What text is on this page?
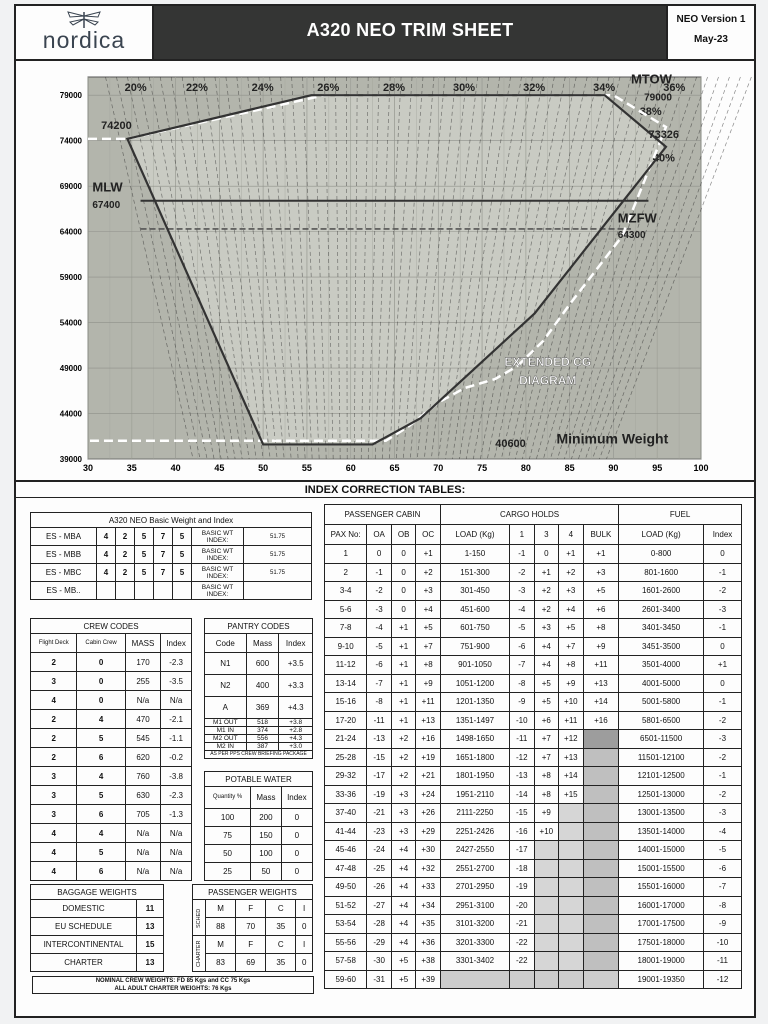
nordica	A320 NEO TRIM SHEET
NEO Version 1
May-23
30	35	40	45	50	55	60	65	70	75	80	85	90	95	100
39000
44000
49000
54000
59000
64000
69000
74000
79000
20%	22%	24%	26%	28%	30%	32%	34%	36%
38%
40%
MTOW
79000
MLW
67400
MZFW
64300
Minimum Weight
40600
74200
73326
EXTENDED CG
DIAGRAM
INDEX CORRECTION TABLES:
A320 NEO Basic Weight and Index							
ES - MBA	4	2	5	7	5	BASIC WT INDEX:	51.75
ES - MBB	4	2	5	7	5	BASIC WT INDEX:	51.75
ES - MBC	4	2	5	7	5	BASIC WT INDEX:	51.75
ES - MB..						BASIC WT INDEX:	
CREW CODES			
Flight Deck	Cabin Crew	MASS	Index
2	0	170	-2.3
3	0	255	-3.5
4	0	N/a	N/a
2	4	470	-2.1
2	5	545	-1.1
2	6	620	-0.2
3	4	760	-3.8
3	5	630	-2.3
3	6	705	-1.3
4	4	N/a	N/a
4	5	N/a	N/a
4	6	N/a	N/a
PANTRY CODES		
Code	Mass	Index
N1	600	+3.5
N2	400	+3.3
A	369	+4.3
M1 OUT	518	+3.8
M1 IN	374	+2.8
M2 OUT	556	+4.3
M2 IN	387	+3.0
AS PER PPS CREW BRIEFING PACKAGE		
POTABLE WATER		
Quantity %	Mass	Index
100	200	0
75	150	0
50	100	0
25	50	0
BAGGAGE WEIGHTS	
DOMESTIC	11
EU SCHEDULE	13
INTERCONTINENTAL	15
CHARTER	13
PASSENGER WEIGHTS				
SCHED	M	F	C	I
	88	70	35	0
CHARTER	M	F	C	I
	83	69	35	0
NOMINAL CREW WEIGHTS: FD 85 Kgs and CC 75 Kgs
ALL ADULT CHARTER WEIGHTS: 76 Kgs
PASSENGER CABIN				CARGO HOLDS					FUEL	
PAX No:	OA	OB	OC	LOAD (Kg)	1	3	4	BULK	LOAD (Kg)	Index
1	0	0	+1	1-150	-1	0	+1	+1	0-800	0
2	-1	0	+2	151-300	-2	+1	+2	+3	801-1600	-1
3-4	-2	0	+3	301-450	-3	+2	+3	+5	1601-2600	-2
5-6	-3	0	+4	451-600	-4	+2	+4	+6	2601-3400	-3
7-8	-4	+1	+5	601-750	-5	+3	+5	+8	3401-3450	-1
9-10	-5	+1	+7	751-900	-6	+4	+7	+9	3451-3500	0
11-12	-6	+1	+8	901-1050	-7	+4	+8	+11	3501-4000	+1
13-14	-7	+1	+9	1051-1200	-8	+5	+9	+13	4001-5000	0
15-16	-8	+1	+11	1201-1350	-9	+5	+10	+14	5001-5800	-1
17-20	-11	+1	+13	1351-1497	-10	+6	+11	+16	5801-6500	-2
21-24	-13	+2	+16	1498-1650	-11	+7	+12		6501-11500	-3
25-28	-15	+2	+19	1651-1800	-12	+7	+13		11501-12100	-2
29-32	-17	+2	+21	1801-1950	-13	+8	+14		12101-12500	-1
33-36	-19	+3	+24	1951-2110	-14	+8	+15		12501-13000	-2
37-40	-21	+3	+26	2111-2250	-15	+9			13001-13500	-3
41-44	-23	+3	+29	2251-2426	-16	+10			13501-14000	-4
45-46	-24	+4	+30	2427-2550	-17				14001-15000	-5
47-48	-25	+4	+32	2551-2700	-18				15001-15500	-6
49-50	-26	+4	+33	2701-2950	-19				15501-16000	-7
51-52	-27	+4	+34	2951-3100	-20				16001-17000	-8
53-54	-28	+4	+35	3101-3200	-21				17001-17500	-9
55-56	-29	+4	+36	3201-3300	-22				17501-18000	-10
57-58	-30	+5	+38	3301-3402	-22				18001-19000	-11
59-60	-31	+5	+39						19001-19350	-12
